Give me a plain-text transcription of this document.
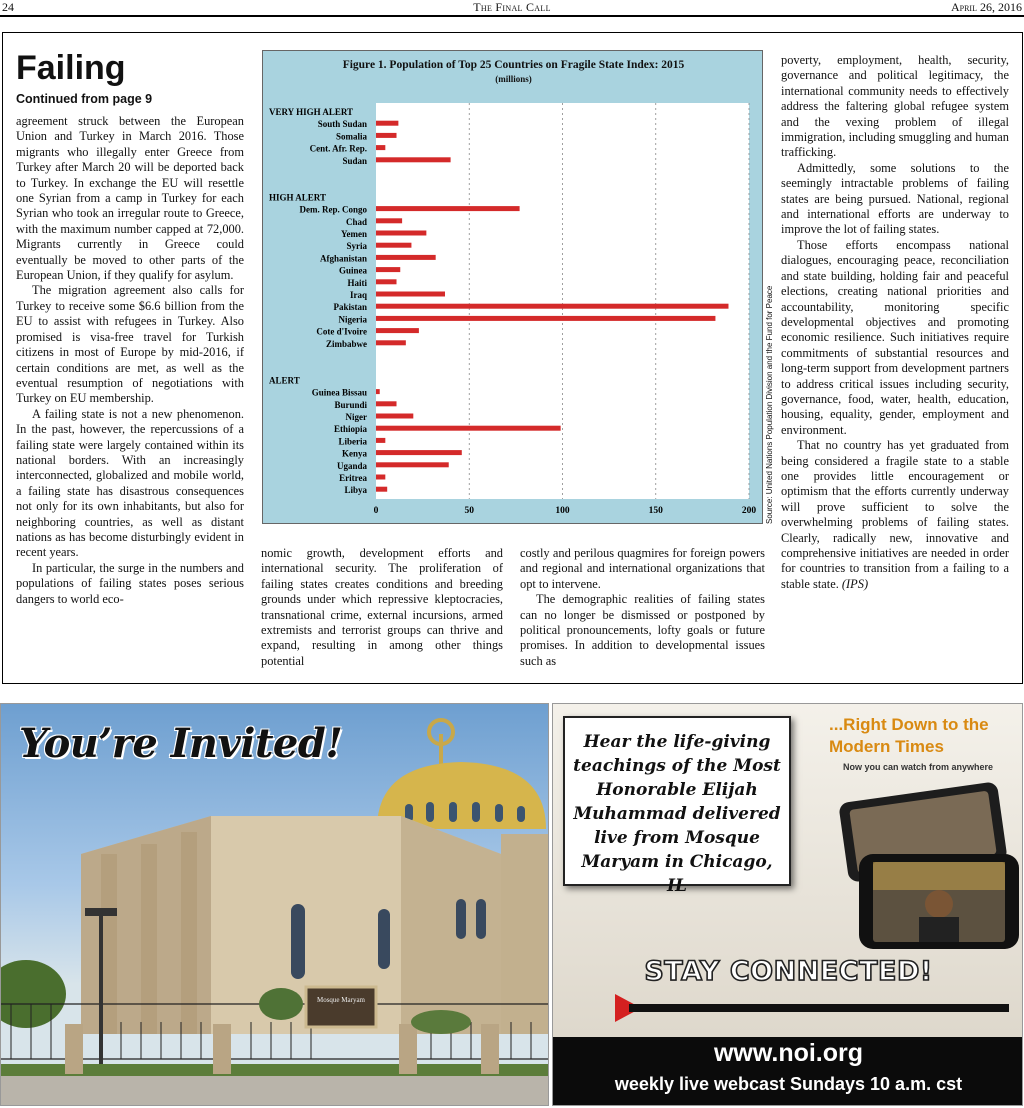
24	The Final Call	April 26, 2016
Failing
Continued from page 9

agreement struck between the European Union and Turkey in March 2016. Those migrants who illegally enter Greece from Turkey after March 20 will be deported back to Turkey. In exchange the EU will resettle one Syrian from a camp in Turkey for each Syrian who took an irregular route to Greece, with the maximum number capped at 72,000. Migrants currently in Greece could eventually be moved to other parts of the European Union, if they qualify for asylum.

The migration agreement also calls for Turkey to receive some $6.6 billion from the EU to assist with refugees in Turkey. Also promised is visa-free travel for Turkish citizens in most of Europe by mid-2016, if certain conditions are met, as well as the eventual resumption of negotiations with Turkey on EU membership.

A failing state is not a new phenomenon. In the past, however, the repercussions of a failing state were largely contained within its national borders. With an increasingly interconnected, globalized and mobile world, a failing state has disastrous consequences not only for its own inhabitants, but also for neighboring countries, as well as distant nations as has become disturbingly evident in recent years.

In particular, the surge in the numbers and populations of failing states poses serious dangers to world eco-

nomic growth, development efforts and international security. The proliferation of failing states creates conditions and breeding grounds under which repressive kleptocracies, transnational crime, external incursions, armed extremists and terrorist groups can thrive and expand, resulting in among other things potential

costly and perilous quagmires for foreign powers and regional and international organizations that opt to intervene.

The demographic realities of failing states can no longer be dismissed or postponed by political pronouncements, lofty goals or future promises. In addition to developmental issues such as

poverty, employment, health, security, governance and political legitimacy, the international community needs to effectively address the faltering global refugee system and the vexing problem of illegal immigration, including smuggling and human trafficking.

Admittedly, some solutions to the seemingly intractable problems of failing states are being pursued. National, regional and international efforts are underway to improve the lot of failing states.

Those efforts encompass national dialogues, encouraging peace, reconciliation and state building, holding fair and peaceful elections, creating national priorities and accountability, monitoring specific developmental objectives and promoting economic resilience. Such initiatives require commitments of substantial resources and long-term support from development partners to address critical issues including security, governance, food, water, health, education, housing, equality, gender, employment and environment.

That no country has yet graduated from being considered a fragile state to a stable one provides little encouragement or optimism that the efforts currently underway will prove sufficient to solve the overwhelming problems of failing states. Clearly, radically new, innovative and comprehensive initiatives are needed in order for countries to transition from a failing to a stable state. (IPS)

Figure 1. Population of Top 25 Countries on Fragile State Index: 2015
(millions)
0	50	100	150	200
VERY HIGH ALERT
South Sudan
Somalia
Cent. Afr. Rep.
Sudan
HIGH ALERT
Dem. Rep. Congo
Chad
Yemen
Syria
Afghanistan
Guinea
Haiti
Iraq
Pakistan
Nigeria
Cote d'Ivoire
Zimbabwe
ALERT
Guinea Bissau
Burundi
Niger
Ethiopia
Liberia
Kenya
Uganda
Eritrea
Libya	Source: United Nations Population Division and the Fund for Peace
You’re Invited!
Mosque Maryam
Hear the life-giving teachings of the Most Honorable Elijah Muhammad delivered live from Mosque Maryam in Chicago, IL
...Right Down to the Modern Times
Now you can watch from anywhere
STAY CONNECTED!
www.noi.org
weekly live webcast Sundays 10 a.m. cst
